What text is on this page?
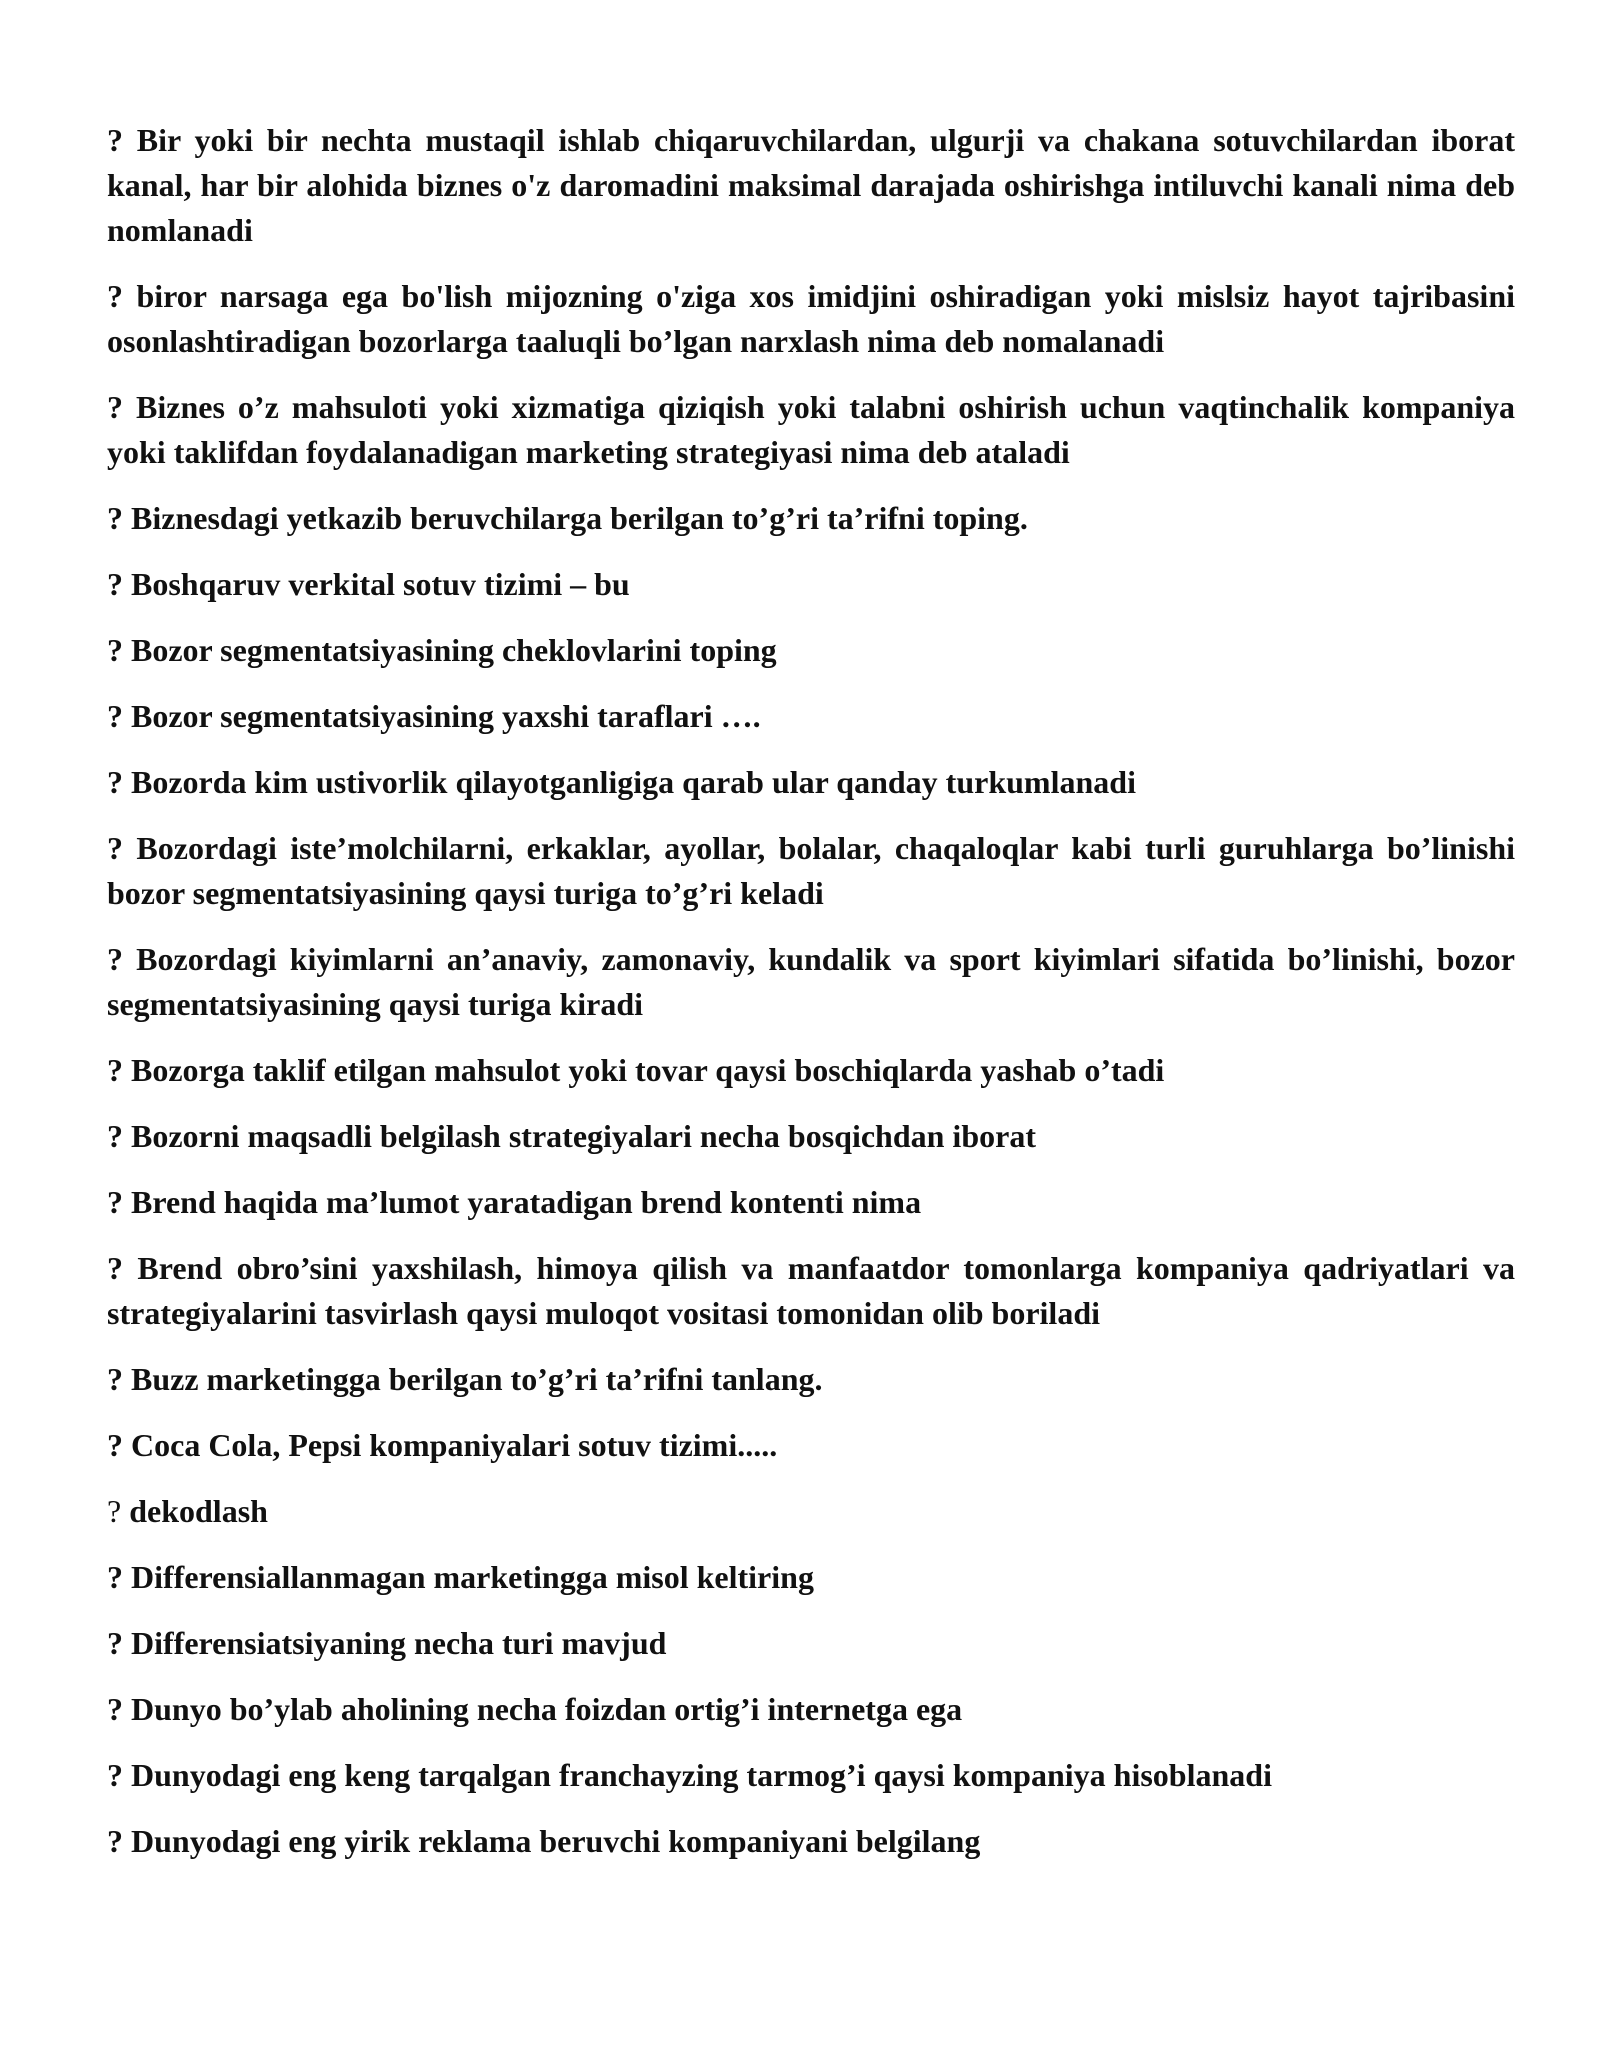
? Bir yoki bir nechta mustaqil ishlab chiqaruvchilardan, ulgurji va chakana sotuvchilardan iborat kanal, har bir alohida biznes o'z daromadini maksimal darajada oshirishga intiluvchi kanali nima deb nomlanadi

? biror narsaga ega bo'lish mijozning o'ziga xos imidjini oshiradigan yoki mislsiz hayot tajribasini osonlashtiradigan bozorlarga taaluqli bo’lgan narxlash nima deb nomalanadi

? Biznes o’z mahsuloti yoki xizmatiga qiziqish yoki talabni oshirish uchun vaqtinchalik kompaniya yoki taklifdan foydalanadigan marketing strategiyasi nima deb ataladi

? Biznesdagi yetkazib beruvchilarga berilgan to’g’ri ta’rifni toping.

? Boshqaruv verkital sotuv tizimi – bu

? Bozor segmentatsiyasining cheklovlarini toping

? Bozor segmentatsiyasining yaxshi taraflari ….

? Bozorda kim ustivorlik qilayotganligiga qarab ular qanday turkumlanadi

? Bozordagi iste’molchilarni, erkaklar, ayollar, bolalar, chaqaloqlar kabi turli guruhlarga bo’linishi bozor segmentatsiyasining qaysi turiga to’g’ri keladi

? Bozordagi kiyimlarni an’anaviy, zamonaviy, kundalik va sport kiyimlari sifatida bo’linishi, bozor segmentatsiyasining qaysi turiga kiradi

? Bozorga taklif etilgan mahsulot yoki tovar qaysi boschiqlarda yashab o’tadi

? Bozorni maqsadli belgilash strategiyalari necha bosqichdan iborat

? Brend haqida ma’lumot yaratadigan brend kontenti nima

? Brend obro’sini yaxshilash, himoya qilish va manfaatdor tomonlarga kompaniya qadriyatlari va strategiyalarini tasvirlash qaysi muloqot vositasi tomonidan olib boriladi

? Buzz marketingga berilgan to’g’ri ta’rifni tanlang.

? Coca Cola, Pepsi kompaniyalari sotuv tizimi.....

? dekodlash

? Differensiallanmagan marketingga misol keltiring

? Differensiatsiyaning necha turi mavjud

? Dunyo bo’ylab aholining necha foizdan ortig’i internetga ega

? Dunyodagi eng keng tarqalgan franchayzing tarmog’i qaysi kompaniya hisoblanadi

? Dunyodagi eng yirik reklama beruvchi kompaniyani belgilang
